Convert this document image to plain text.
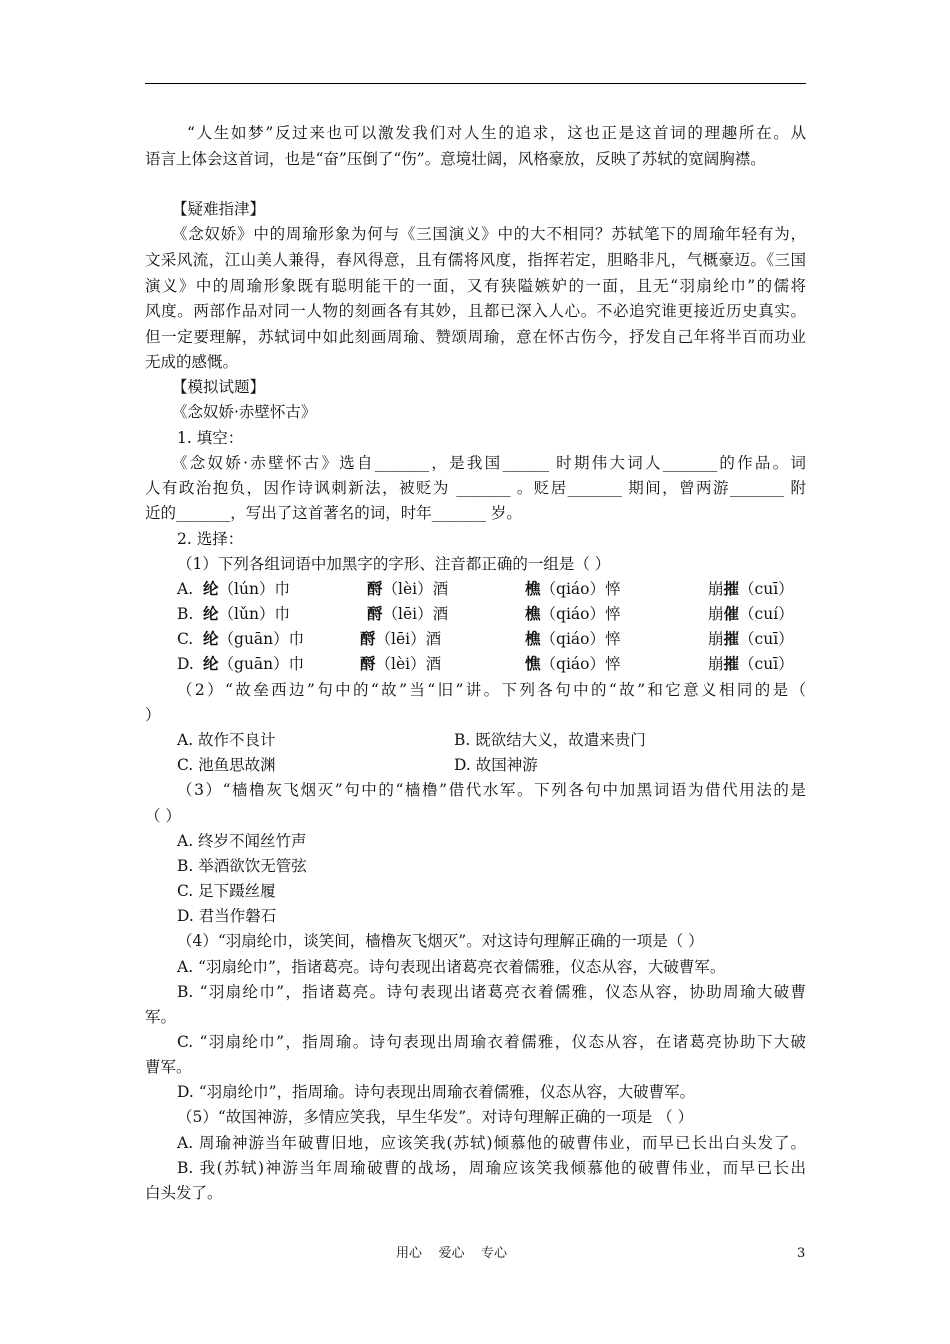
“人生如梦”反过来也可以激发我们对人生的追求，这也正是这首词的理趣所在。从
语言上体会这首词，也是“奋”压倒了“伤”。意境壮阔，风格豪放，反映了苏轼的宽阔胸襟。
【疑难指津】
《念奴娇》中的周瑜形象为何与《三国演义》中的大不相同？苏轼笔下的周瑜年轻有为，
文采风流，江山美人兼得，春风得意，且有儒将风度，指挥若定，胆略非凡，气概豪迈。《三国
演义》中的周瑜形象既有聪明能干的一面，又有狭隘嫉妒的一面，且无“羽扇纶巾”的儒将
风度。两部作品对同一人物的刻画各有其妙，且都已深入人心。不必追究谁更接近历史真实。
但一定要理解，苏轼词中如此刻画周瑜、赞颂周瑜，意在怀古伤今，抒发自己年将半百而功业
无成的感慨。
【模拟试题】
《念奴娇·赤壁怀古》
1. 填空：
《念奴娇·赤壁怀古》选自_______，是我国______ 时期伟大词人_______的作品。词
人有政治抱负，因作诗讽刺新法，被贬为 _______ 。贬居_______ 期间，曾两游_______ 附
近的_______，写出了这首著名的词，时年_______ 岁。
2. 选择：
（1）下列各组词语中加黑字的字形、注音都正确的一组是（ ）
A. 纶（lún）巾	酹（lèi）酒	樵（qiáo）悴	崩摧（cuī）
B. 纶（lǔn）巾	酹（lēi）酒	樵（qiáo）悴	崩催（cuí）
C. 纶（guān）巾	酹（lēi）酒	樵（qiáo）悴	崩摧（cuī）
D. 纶（guān）巾	酹（lèi）酒	憔（qiáo）悴	崩摧（cuī）
（2）“故垒西边”句中的“故”当“旧”讲。下列各句中的“故”和它意义相同的是（
）
A. 故作不良计	B. 既欲结大义，故遣来贵门
C. 池鱼思故渊	D. 故国神游
（3）“樯橹灰飞烟灭”句中的“樯橹”借代水军。下列各句中加黑词语为借代用法的是
（ ）
A. 终岁不闻丝竹声
B. 举酒欲饮无管弦
C. 足下蹑丝履
D. 君当作磐石
（4）“羽扇纶巾，谈笑间，樯橹灰飞烟灭”。对这诗句理解正确的一项是（ ）
A. “羽扇纶巾”，指诸葛亮。诗句表现出诸葛亮衣着儒雅，仪态从容，大破曹军。
B. “羽扇纶巾”，指诸葛亮。诗句表现出诸葛亮衣着儒雅，仪态从容，协助周瑜大破曹
军。
C. “羽扇纶巾”，指周瑜。诗句表现出周瑜衣着儒雅，仪态从容，在诸葛亮协助下大破
曹军。
D. “羽扇纶巾”，指周瑜。诗句表现出周瑜衣着儒雅，仪态从容，大破曹军。
（5）“故国神游，多情应笑我，早生华发”。对诗句理解正确的一项是 （ ）
A. 周瑜神游当年破曹旧地，应该笑我(苏轼)倾慕他的破曹伟业，而早已长出白头发了。
B. 我(苏轼)神游当年周瑜破曹的战场，周瑜应该笑我倾慕他的破曹伟业，而早已长出
白头发了。
用心    爱心    专心	3
